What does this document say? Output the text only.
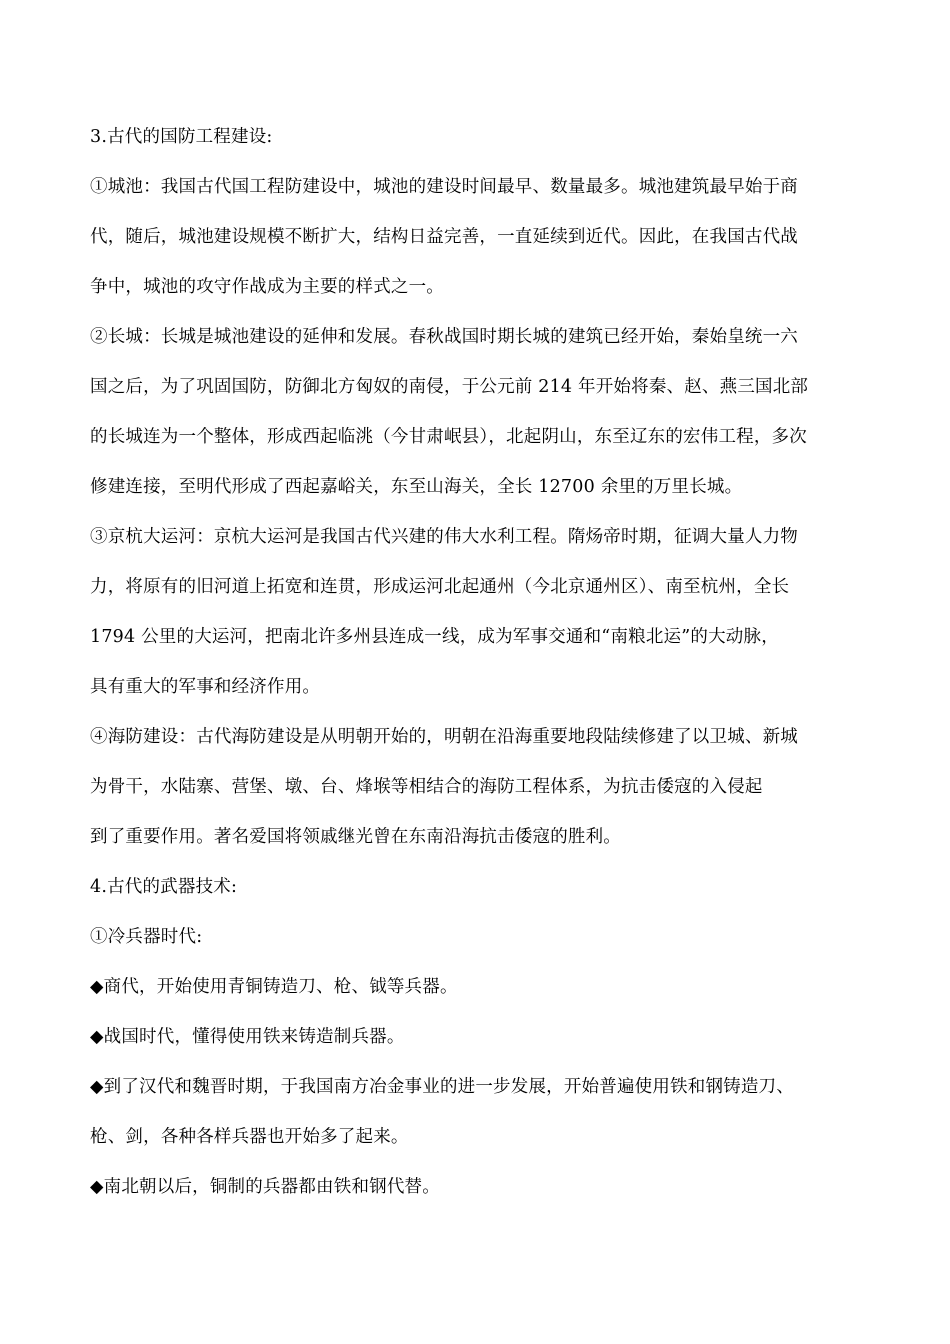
3.古代的国防工程建设:
①城池：我国古代国工程防建设中，城池的建设时间最早、数量最多。城池建筑最早始于商
代，随后，城池建设规模不断扩大，结构日益完善，一直延续到近代。因此，在我国古代战
争中，城池的攻守作战成为主要的样式之一。
②长城：长城是城池建设的延伸和发展。春秋战国时期长城的建筑已经开始，秦始皇统一六
国之后，为了巩固国防，防御北方匈奴的南侵，于公元前 214 年开始将秦、赵、燕三国北部
的长城连为一个整体，形成西起临洮（今甘肃岷县），北起阴山，东至辽东的宏伟工程，多次
修建连接，至明代形成了西起嘉峪关，东至山海关，全长 12700 余里的万里长城。
③京杭大运河：京杭大运河是我国古代兴建的伟大水利工程。隋炀帝时期，征调大量人力物
力，将原有的旧河道上拓宽和连贯，形成运河北起通州（今北京通州区）、南至杭州，全长
1794 公里的大运河，把南北许多州县连成一线，成为军事交通和“南粮北运”的大动脉，
具有重大的军事和经济作用。
④海防建设：古代海防建设是从明朝开始的，明朝在沿海重要地段陆续修建了以卫城、新城
为骨干，水陆寨、营堡、墩、台、烽堠等相结合的海防工程体系，为抗击倭寇的入侵起
到了重要作用。著名爱国将领戚继光曾在东南沿海抗击倭寇的胜利。
4.古代的武器技术:
①冷兵器时代:
◆商代，开始使用青铜铸造刀、枪、钺等兵器。
◆战国时代，懂得使用铁来铸造制兵器。
◆到了汉代和魏晋时期，于我国南方冶金事业的进一步发展，开始普遍使用铁和钢铸造刀、
枪、剑，各种各样兵器也开始多了起来。
◆南北朝以后，铜制的兵器都由铁和钢代替。
